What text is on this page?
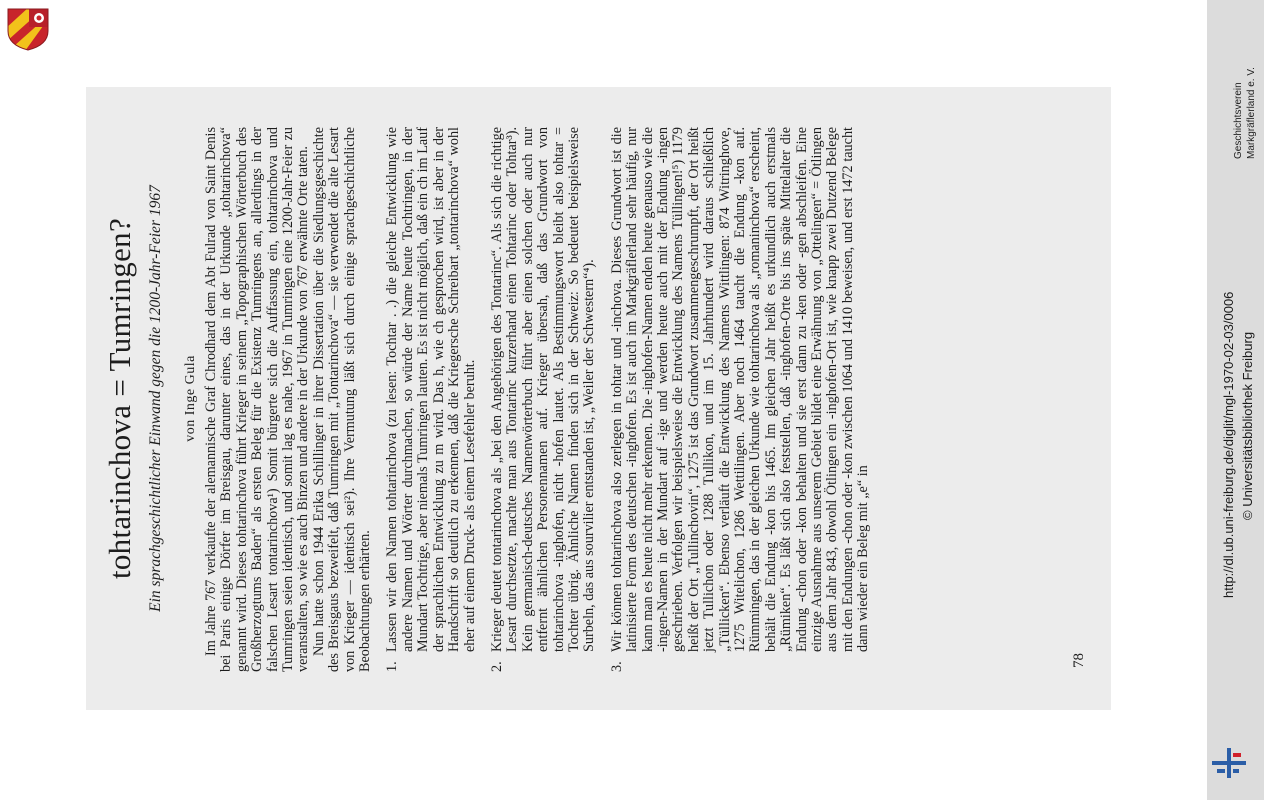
tohtarinchova = Tumringen? Ein sprachgeschichtlicher Einwand gegen die 1200-Jahr-Feier 1967 von Inge Gula Im Jahre 767 verkaufte der alemannische Graf Chrodhard dem Abt Fulrad von Saint Denis bei Paris einige Dörfer im Breisgau, darunter eines, das in der Urkunde „tohtarinchova“ genannt wird. Dieses tohtarinchova führt Krieger in seinem „Topographischen Wörterbuch des Großherzogtums Baden“ als ersten Beleg für die Existenz Tumringens an, allerdings in der falschen Lesart tontarinchova¹) Somit bürgerte sich die Auffassung ein, tohtarinchova und Tumringen seien identisch, und somit lag es nahe, 1967 in Tumringen eine 1200-Jahr-Feier zu veranstalten, so wie es auch Binzen und andere in der Urkunde von 767 erwähnte Orte taten. Nun hatte schon 1944 Erika Schillinger in ihrer Dissertation über die Siedlungsgeschichte des Breisgaus bezweifelt, daß Tumringen mit „Tontarinchova“ — sie verwendet die alte Lesart von Krieger — identisch sei²). Ihre Vermutung läßt sich durch einige sprachgeschichtliche Beobachtungen erhärten. 1.
Lassen wir den Namen tohtarinchova (zu lesen: Tochtar . .) die gleiche Entwicklung wie andere Namen und Wörter durchmachen, so würde der Name heute Tochtringen, in der Mundart Tochtrige, aber niemals Tumringen lauten. Es ist nicht möglich, daß ein ch im Lauf der sprachlichen Entwicklung zu m wird. Das h, wie ch gesprochen wird, ist aber in der Handschrift so deutlich zu erkennen, daß die Kriegersche Schreibart „tontarinchova“ wohl eher auf einem Druck- als einem Lesefehler beruht.
2.
Krieger deutet tontarinchova als „bei den Angehörigen des Tontarinc“. Als sich die richtige Lesart durchsetzte, machte man aus Tontarinc kurzerhand einen Tohtarinc oder Tohtar³). Kein germanisch-deutsches Namenwörterbuch führt aber einen solchen oder auch nur entfernt ähnlichen Personennamen auf. Krieger übersah, daß das Grundwort von tohtarinchova -inghofen, nicht -hofen lautet. Als Bestimmungswort bleibt also tohtar = Tochter übrig. Ähnliche Namen finden sich in der Schweiz: So bedeutet beispielsweise Surbeln, das aus sourvilier entstanden ist, „Weiler der Schwestern“⁴).
3.
Wir können tohtarinchova also zerlegen in tohtar und -inchova. Dieses Grundwort ist die latinisierte Form des deutschen -inghofen. Es ist auch im Markgräflerland sehr häufig, nur kann man es heute nicht mehr erkennen. Die -inghofen-Namen enden heute genauso wie die -ingen-Namen in der Mundart auf -ige und werden heute auch mit der Endung -ingen geschrieben. Verfolgen wir beispielsweise die Entwicklung des Namens Tüllingen!⁵) 1179 heißt der Ort „Tullinchovin“, 1275 ist das Grundwort zusammengeschrumpft, der Ort heißt jetzt Tullichon oder 1288 Tullikon, und im 15. Jahrhundert wird daraus schließlich „Tüllicken“. Ebenso verläuft die Entwicklung des Namens Wittlingen: 874 Witringhove, 1275 Witelichon, 1286 Wettilingen. Aber noch 1464 taucht die Endung -kon auf. Rümmingen, das in der gleichen Urkunde wie tohtarinchova als „romaninchova“ erscheint, behält die Endung -kon bis 1465. Im gleichen Jahr heißt es urkundlich auch erstmals „Rümiken“. Es läßt sich also feststellen, daß -inghofen-Orte bis ins späte Mittelalter die Endung -chon oder -kon behalten und sie erst dann zu -ken oder -gen abschleifen. Eine einzige Ausnahme aus unserem Gebiet bildet eine Erwähnung von „Ottelingen“ = Ötlingen aus dem Jahr 843, obwohl Ötlingen ein -inghofen-Ort ist, wie knapp zwei Dutzend Belege mit den Endungen -chon oder -kon zwischen 1064 und 1410 beweisen, und erst 1472 taucht dann wieder ein Beleg mit „e“ in
78
Geschichtsverein Markgräflerland e. V.
http://dl.ub.uni-freiburg.de/diglit/mgl-1970-02-03/0006 © Universitätsbibliothek Freiburg
